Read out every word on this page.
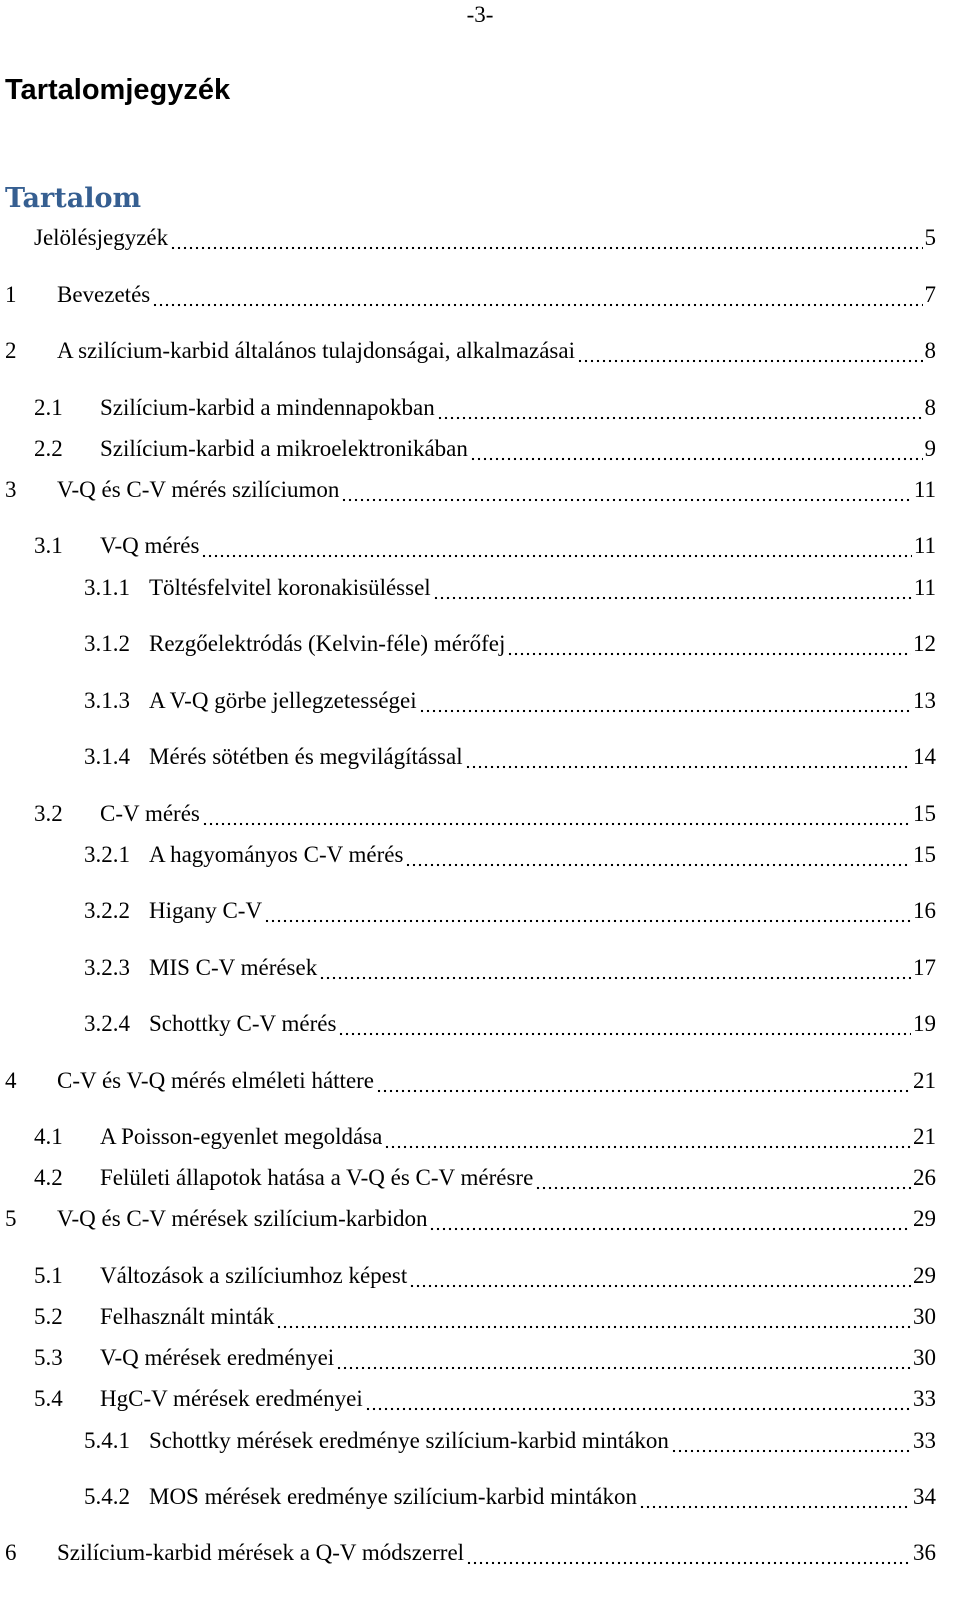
-3-
Tartalomjegyzék
Tartalom
Jelölésjegyzék	5
1	Bevezetés	7
2	A szilícium-karbid általános tulajdonságai, alkalmazásai	8
2.1	Szilícium-karbid a mindennapokban	8
2.2	Szilícium-karbid a mikroelektronikában	9
3	V-Q és C-V mérés szilíciumon	11
3.1	V-Q mérés	11
3.1.1 Töltésfelvitel koronakisüléssel	11
3.1.2 Rezgőelektródás (Kelvin-féle) mérőfej	12
3.1.3 A V-Q görbe jellegzetességei	13
3.1.4 Mérés sötétben és megvilágítással	14
3.2	C-V mérés	15
3.2.1 A hagyományos C-V mérés	15
3.2.2 Higany C-V	16
3.2.3 MIS C-V mérések	17
3.2.4 Schottky C-V mérés	19
4	C-V és V-Q mérés elméleti háttere	21
4.1	A Poisson-egyenlet megoldása	21
4.2	Felületi állapotok hatása a V-Q és C-V mérésre	26
5	V-Q és C-V mérések szilícium-karbidon	29
5.1	Változások a szilíciumhoz képest	29
5.2	Felhasznált minták	30
5.3	V-Q mérések eredményei	30
5.4	HgC-V mérések eredményei	33
5.4.1 Schottky mérések eredménye szilícium-karbid mintákon	33
5.4.2 MOS mérések eredménye szilícium-karbid mintákon	34
6	Szilícium-karbid mérések a Q-V módszerrel	36
